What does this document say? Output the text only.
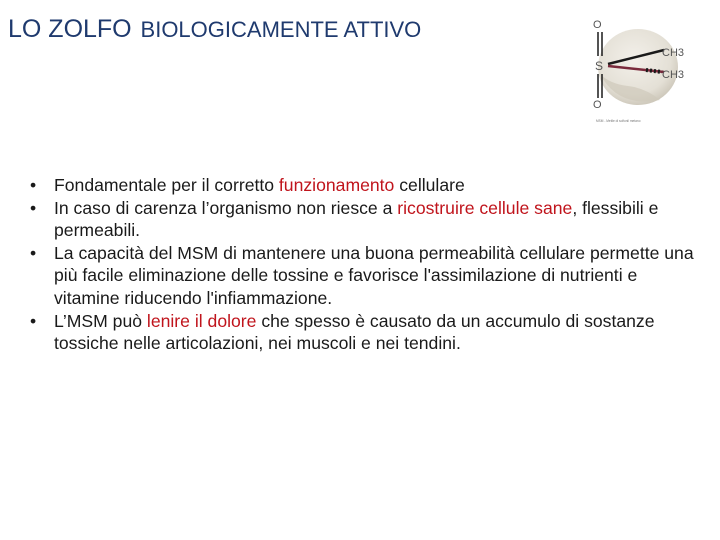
LO ZOLFO BIOLOGICAMENTE ATTIVO	O
S
CH3
CH3
O
MSM - Metile di solfonil metano
• Fondamentale per il corretto funzionamento cellulare
• In caso di carenza l’organismo non riesce a ricostruire cellule sane, flessibili e permeabili.
• La capacità del MSM di mantenere una buona permeabilità cellulare permette una più facile eliminazione delle tossine e favorisce l'assimilazione di nutrienti e vitamine riducendo l'infiammazione.
• L’MSM può lenire il dolore che spesso è causato da un accumulo di sostanze tossiche nelle articolazioni, nei muscoli e nei tendini.
